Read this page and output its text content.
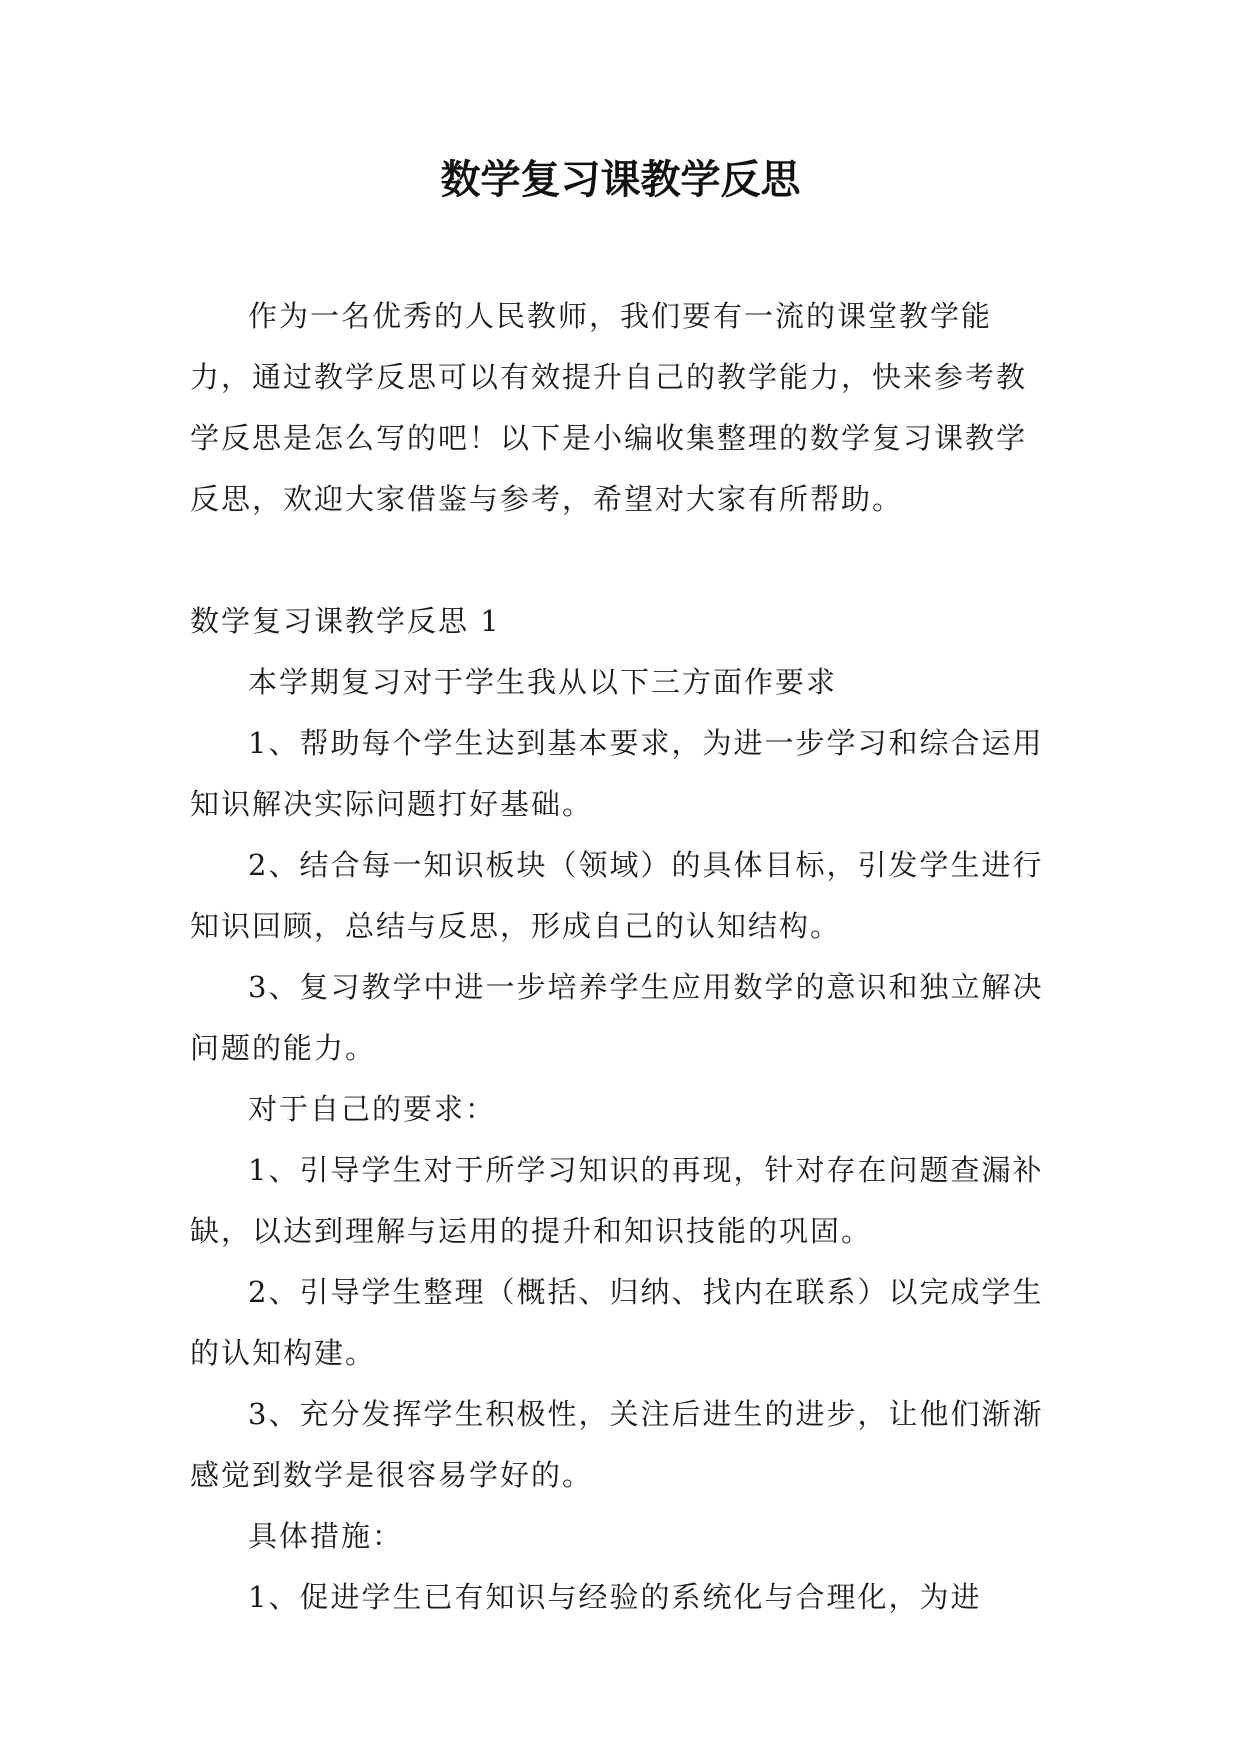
数学复习课教学反思

作为一名优秀的人民教师，我们要有一流的课堂教学能力，通过教学反思可以有效提升自己的教学能力，快来参考教学反思是怎么写的吧！以下是小编收集整理的数学复习课教学反思，欢迎大家借鉴与参考，希望对大家有所帮助。

数学复习课教学反思 1

本学期复习对于学生我从以下三方面作要求

1、帮助每个学生达到基本要求，为进一步学习和综合运用知识解决实际问题打好基础。

2、结合每一知识板块（领域）的具体目标，引发学生进行知识回顾，总结与反思，形成自己的认知结构。

3、复习教学中进一步培养学生应用数学的意识和独立解决问题的能力。

对于自己的要求：

1、引导学生对于所学习知识的再现，针对存在问题查漏补缺，以达到理解与运用的提升和知识技能的巩固。

2、引导学生整理（概括、归纳、找内在联系）以完成学生的认知构建。

3、充分发挥学生积极性，关注后进生的进步，让他们渐渐感觉到数学是很容易学好的。

具体措施：

1、促进学生已有知识与经验的系统化与合理化，为进
